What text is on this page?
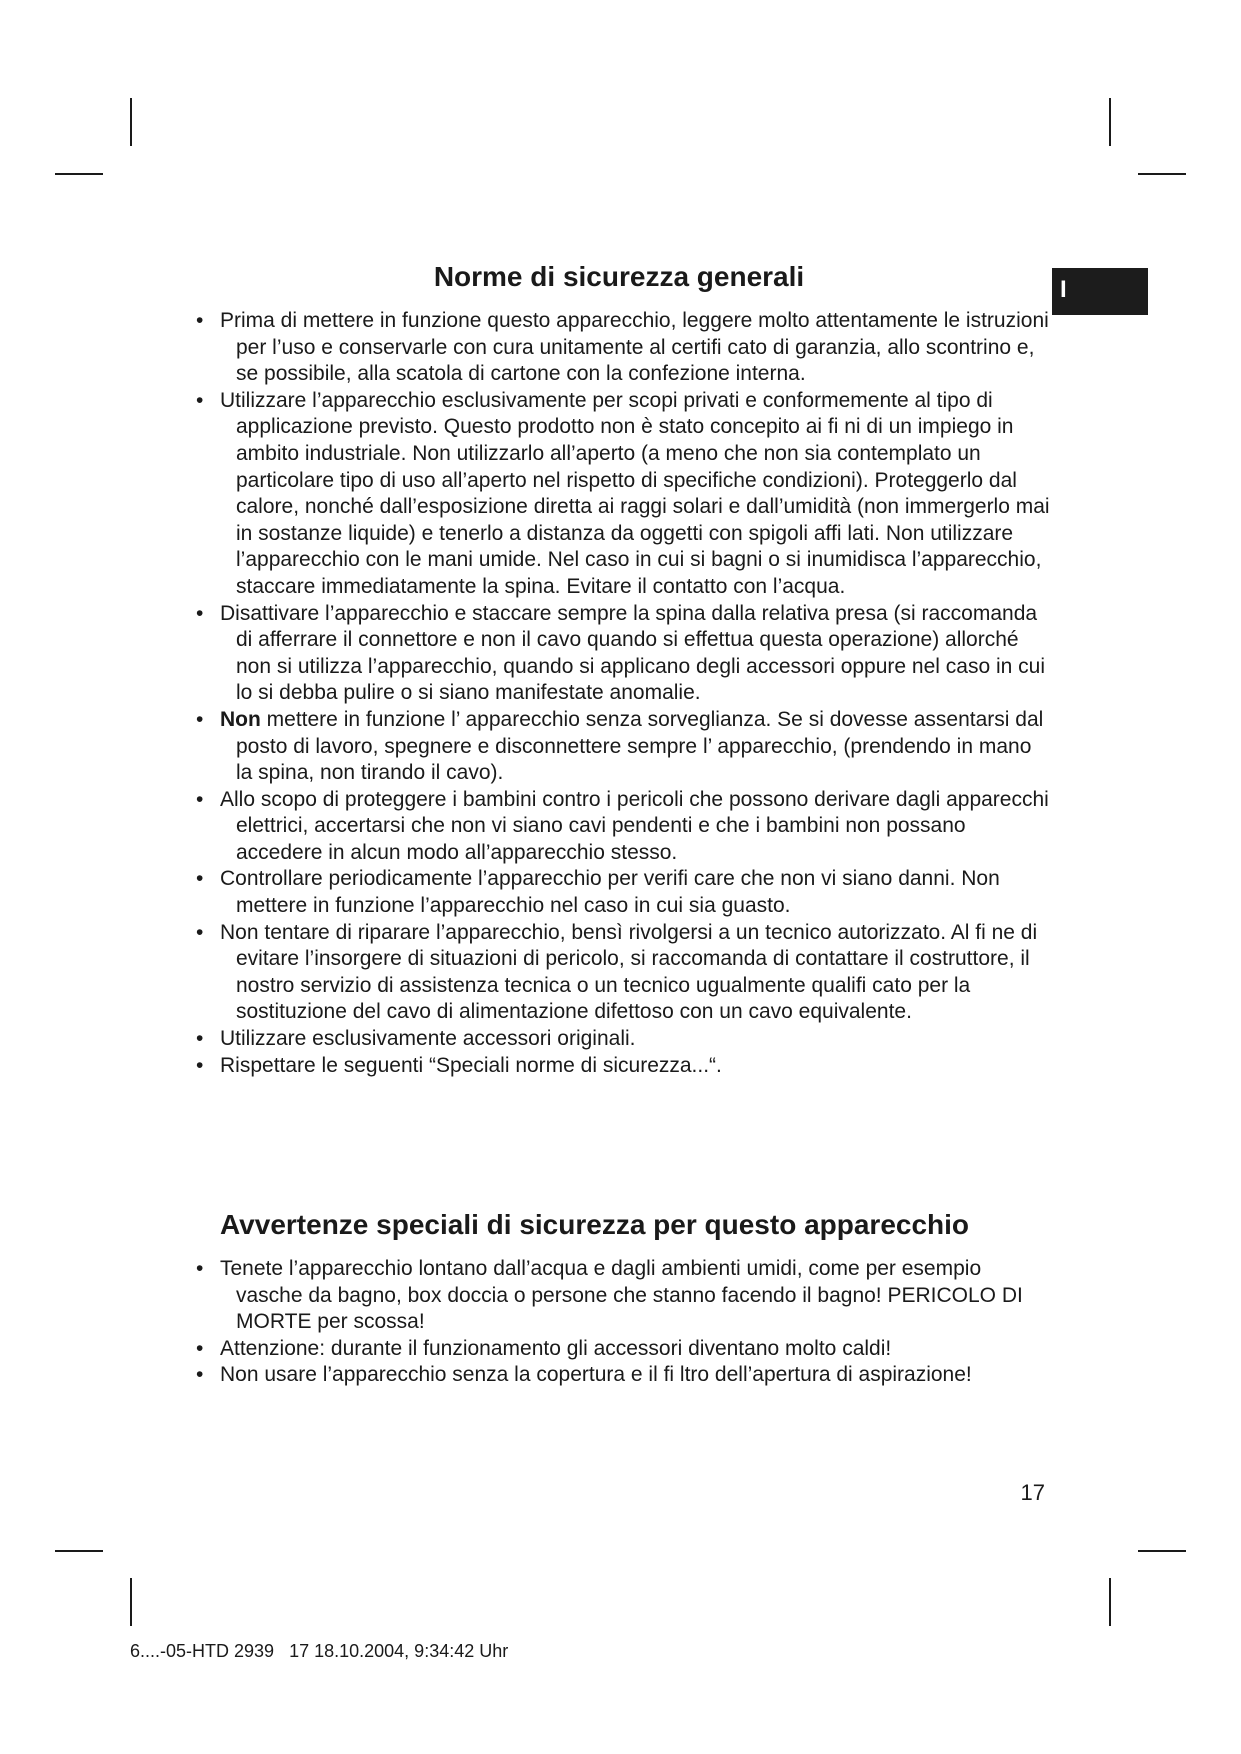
I
Norme di sicurezza generali
• Prima di mettere in funzione questo apparecchio, leggere molto attentamente le istruzioni per l’uso e conservarle con cura unitamente al certifi cato di garanzia, allo scontrino e, se possibile, alla scatola di cartone con la confezione interna.
• Utilizzare l’apparecchio esclusivamente per scopi privati e conformemente al tipo di applicazione previsto. Questo prodotto non è stato concepito ai fi ni di un impiego in ambito industriale. Non utilizzarlo all’aperto (a meno che non sia contemplato un particolare tipo di uso all’aperto nel rispetto di specifiche condizioni). Proteggerlo dal calore, nonché dall’esposizione diretta ai raggi solari e dall’umidità (non immergerlo mai in sostanze liquide) e tenerlo a distanza da oggetti con spigoli affi lati. Non utilizzare l’apparecchio con le mani umide. Nel caso in cui si bagni o si inumidisca l’apparecchio, staccare immediatamente la spina. Evitare il contatto con l’acqua.
• Disattivare l’apparecchio e staccare sempre la spina dalla relativa presa (si raccomanda di afferrare il connettore e non il cavo quando si effettua questa operazione) allorché non si utilizza l’apparecchio, quando si applicano degli accessori oppure nel caso in cui lo si debba pulire o si siano manifestate anomalie.
• Non mettere in funzione l’ apparecchio senza sorveglianza. Se si dovesse assentarsi dal posto di lavoro, spegnere e disconnettere sempre l’ apparecchio, (prendendo in mano la spina, non tirando il cavo).
• Allo scopo di proteggere i bambini contro i pericoli che possono derivare dagli apparecchi elettrici, accertarsi che non vi siano cavi pendenti e che i bambini non possano accedere in alcun modo all’apparecchio stesso.
• Controllare periodicamente l’apparecchio per verifi care che non vi siano danni. Non mettere in funzione l’apparecchio nel caso in cui sia guasto.
• Non tentare di riparare l’apparecchio, bensì rivolgersi a un tecnico autorizzato. Al fi ne di evitare l’insorgere di situazioni di pericolo, si raccomanda di contattare il costruttore, il nostro servizio di assistenza tecnica o un tecnico ugualmente qualifi cato per la sostituzione del cavo di alimentazione difettoso con un cavo equivalente.
• Utilizzare esclusivamente accessori originali.
• Rispettare le seguenti “Speciali norme di sicurezza...“.
Avvertenze speciali di sicurezza per questo apparecchio
• Tenete l’apparecchio lontano dall’acqua e dagli ambienti umidi, come per esempio vasche da bagno, box doccia o persone che stanno facendo il bagno! PERICOLO DI MORTE per scossa!
• Attenzione: durante il funzionamento gli accessori diventano molto caldi!
• Non usare l’apparecchio senza la copertura e il fi ltro dell’apertura di aspirazione!
17
6....-05-HTD 2939   17 18.10.2004, 9:34:42 Uhr
